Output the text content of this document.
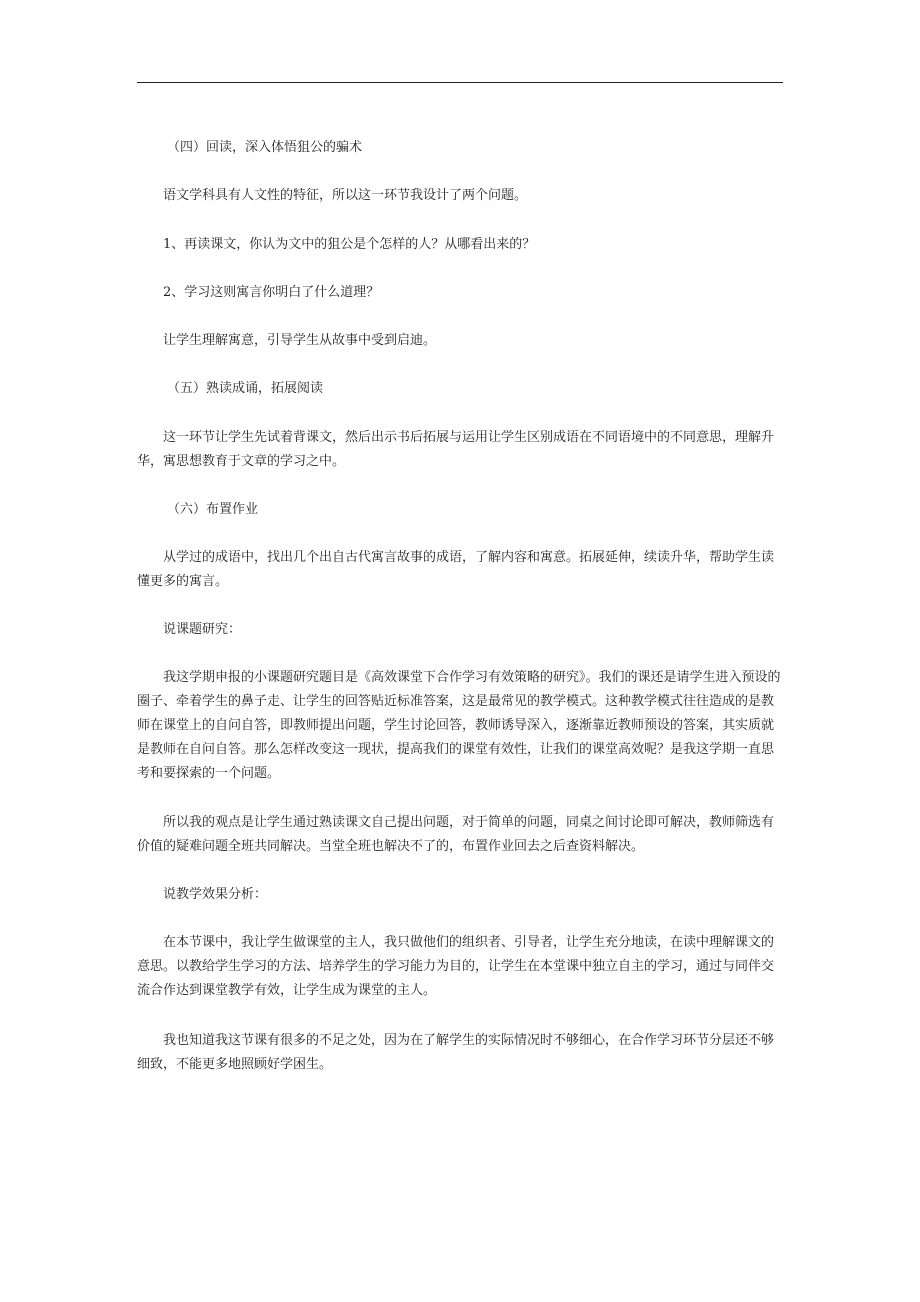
（四）回读，深入体悟狙公的骗术

语文学科具有人文性的特征，所以这一环节我设计了两个问题。

1、再读课文，你认为文中的狙公是个怎样的人？从哪看出来的？

2、学习这则寓言你明白了什么道理？

让学生理解寓意，引导学生从故事中受到启迪。

（五）熟读成诵，拓展阅读

这一环节让学生先试着背课文，然后出示书后拓展与运用让学生区别成语在不同语境中的不同意思，理解升华，寓思想教育于文章的学习之中。

（六）布置作业

从学过的成语中，找出几个出自古代寓言故事的成语，了解内容和寓意。拓展延伸，续读升华，帮助学生读懂更多的寓言。

说课题研究：

我这学期申报的小课题研究题目是《高效课堂下合作学习有效策略的研究》。我们的课还是请学生进入预设的圈子、牵着学生的鼻子走、让学生的回答贴近标准答案，这是最常见的教学模式。这种教学模式往往造成的是教师在课堂上的自问自答，即教师提出问题，学生讨论回答，教师诱导深入，逐渐靠近教师预设的答案，其实质就是教师在自问自答。那么怎样改变这一现状，提高我们的课堂有效性，让我们的课堂高效呢？是我这学期一直思考和要探索的一个问题。

所以我的观点是让学生通过熟读课文自己提出问题，对于简单的问题，同桌之间讨论即可解决，教师筛选有价值的疑难问题全班共同解决。当堂全班也解决不了的，布置作业回去之后查资料解决。

说教学效果分析：

在本节课中，我让学生做课堂的主人，我只做他们的组织者、引导者，让学生充分地读，在读中理解课文的意思。以教给学生学习的方法、培养学生的学习能力为目的，让学生在本堂课中独立自主的学习，通过与同伴交流合作达到课堂教学有效，让学生成为课堂的主人。

我也知道我这节课有很多的不足之处，因为在了解学生的实际情况时不够细心，在合作学习环节分层还不够细致，不能更多地照顾好学困生。
